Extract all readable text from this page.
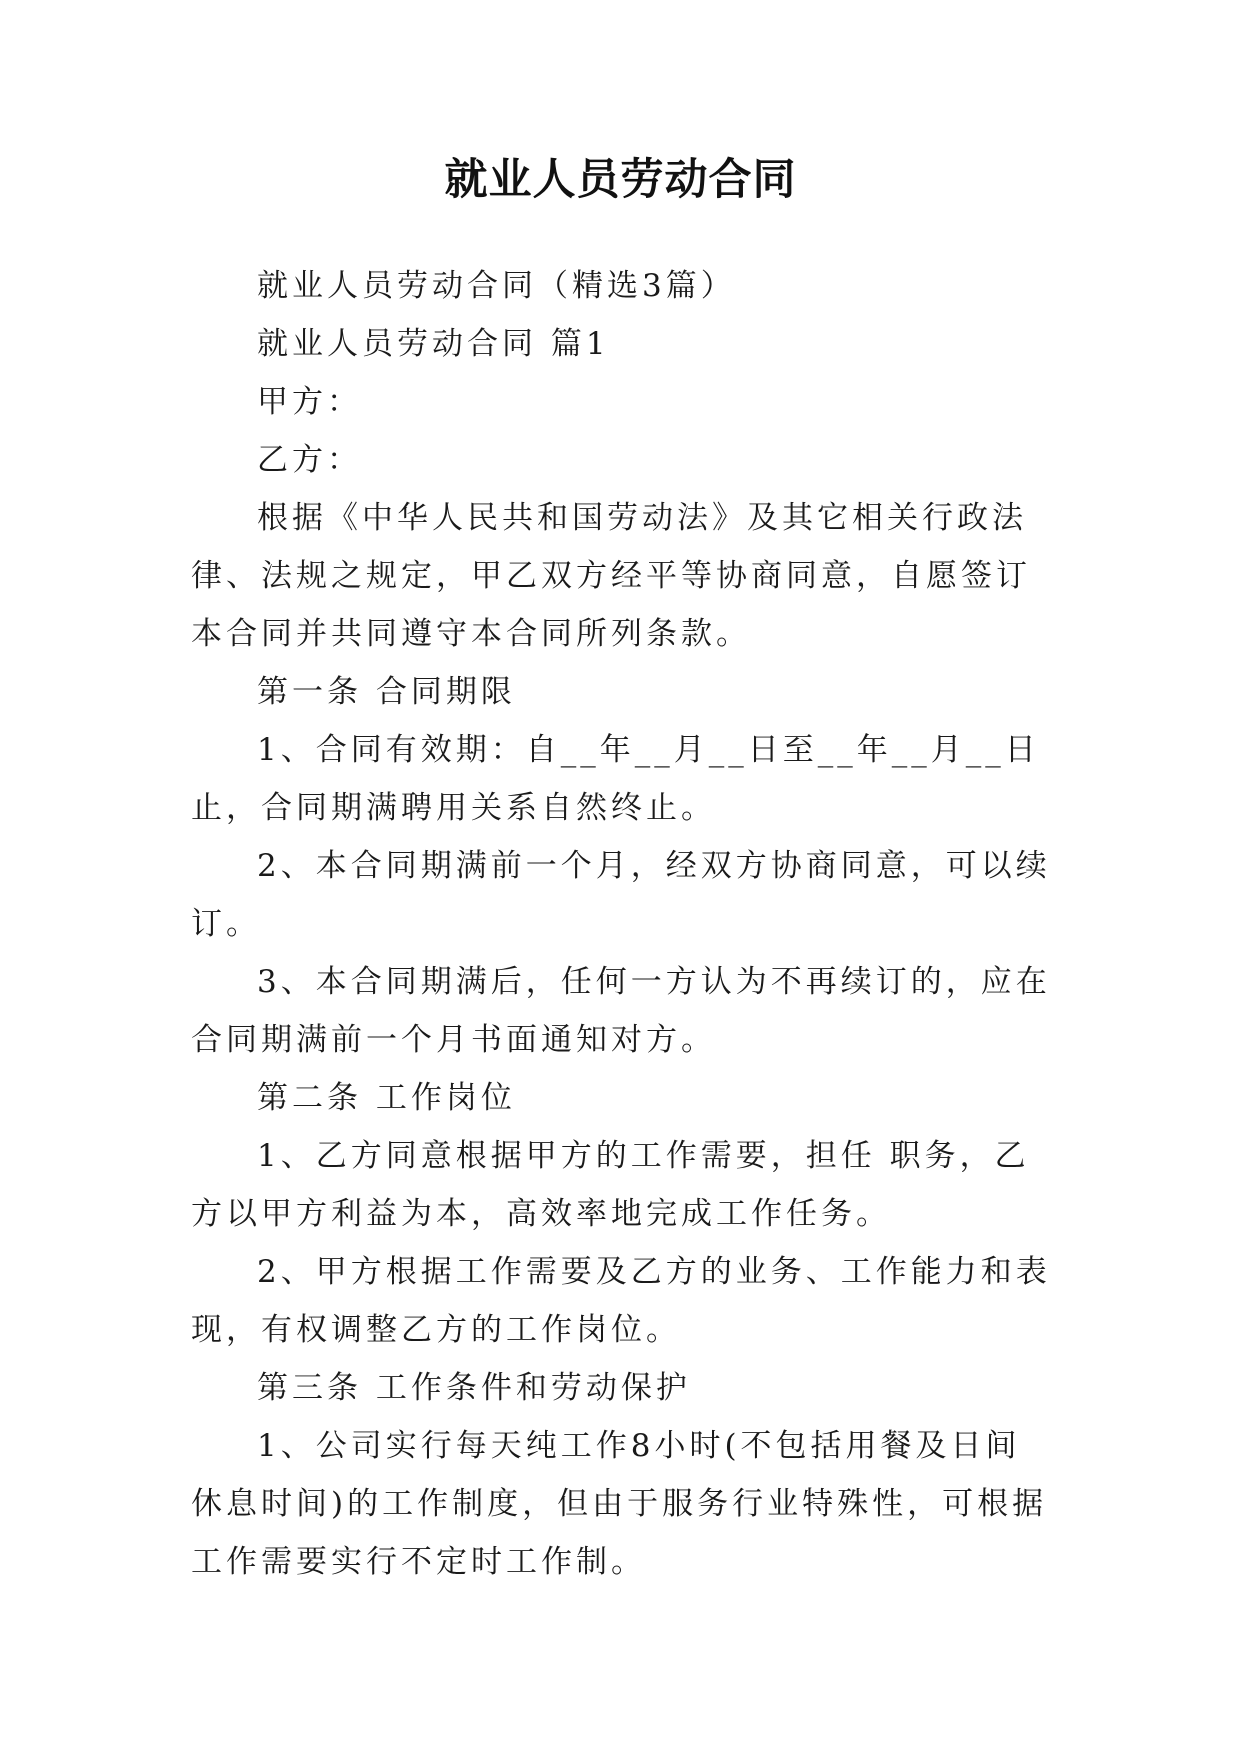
就业人员劳动合同

就业人员劳动合同（精选3篇）

就业人员劳动合同 篇1

甲方：

乙方：

根据《中华人民共和国劳动法》及其它相关行政法律、法规之规定，甲乙双方经平等协商同意，自愿签订本合同并共同遵守本合同所列条款。

第一条 合同期限

1、合同有效期：自__年__月__日至__年__月__日止，合同期满聘用关系自然终止。

2、本合同期满前一个月，经双方协商同意，可以续订。

3、本合同期满后，任何一方认为不再续订的，应在合同期满前一个月书面通知对方。

第二条 工作岗位

1、乙方同意根据甲方的工作需要，担任 职务，乙方以甲方利益为本，高效率地完成工作任务。

2、甲方根据工作需要及乙方的业务、工作能力和表现，有权调整乙方的工作岗位。

第三条 工作条件和劳动保护

1、公司实行每天纯工作8小时(不包括用餐及日间休息时间)的工作制度，但由于服务行业特殊性，可根据工作需要实行不定时工作制。
